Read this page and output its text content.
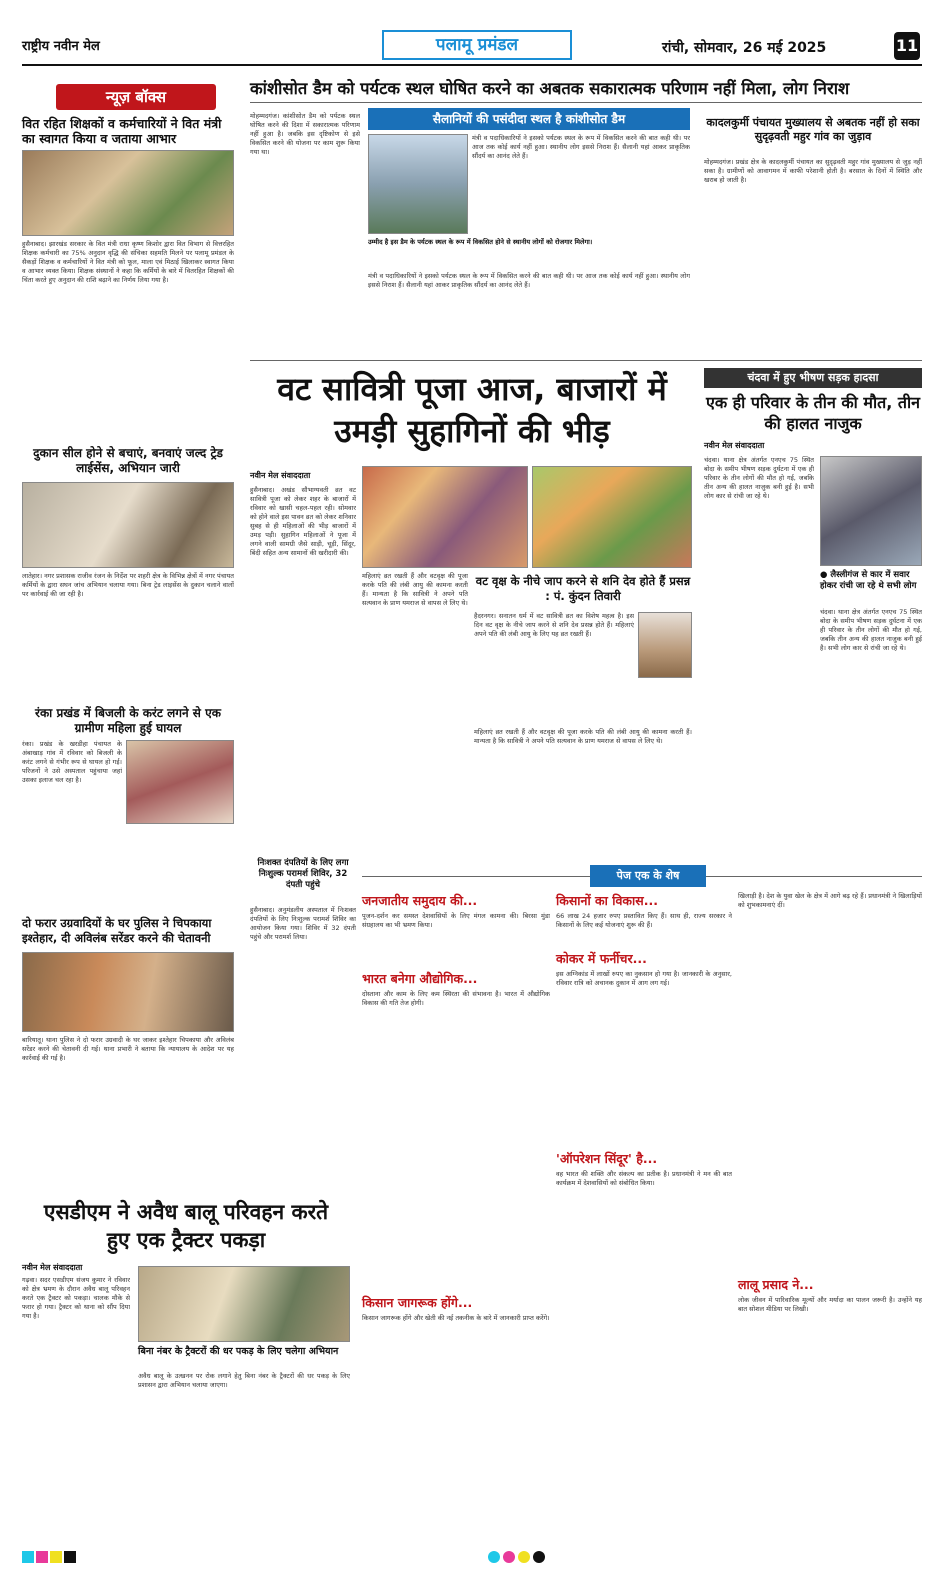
राष्ट्रीय नवीन मेल	पलामू प्रमंडल	रांची, सोमवार, 26 मई 2025	11
न्यूज़ बॉक्स
वित रहित शिक्षकों व कर्मचारियों ने वित मंत्री का स्वागत किया व जताया आभार
हुसैनाबाद। झारखंड सरकार के वित मंत्री राधा कृष्ण किशोर द्वारा वित विभाग से वित्तरहित शिक्षक कर्मचारी का 75% अनुदान वृद्धि की संचिका सहमति मिलने पर पलामू प्रमंडल के सैकड़ों शिक्षक व कर्मचारियों ने वित मंत्री को फूल, माला एवं मिठाई खिलाकर स्वागत किया व आभार व्यक्त किया। शिक्षक संस्थानों ने कहा कि कर्मियों के बारे में वितरहित शिक्षकों की चिंता करते हुए अनुदान की राशि बढ़ाने का निर्णय लिया गया है।
दुकान सील होने से बचाएं, बनवाएं जल्द ट्रेड लाईसेंस, अभियान जारी
लातेहार। नगर प्रशासक राजीव रंजन के निर्देश पर शहरी क्षेत्र के विभिन्न क्षेत्रों में नगर पंचायत कर्मियों के द्वारा सघन जांच अभियान चलाया गया। बिना ट्रेड लाइसेंस के दुकान चलाने वालों पर कार्रवाई की जा रही है।
रंका प्रखंड में बिजली के करंट लगने से एक ग्रामीण महिला हुई घायल
रंका। प्रखंड के खरडीहा पंचायत के अंबाखाड़ गांव में रविवार को बिजली के करंट लगने से गंभीर रूप से घायल हो गई। परिजनों ने उसे अस्पताल पहुंचाया जहां उसका इलाज चल रहा है।
दो फरार उग्रवादियों के घर पुलिस ने चिपकाया इश्तेहार, दी अविलंब सरेंडर करने की चेतावनी
बारियातू। थाना पुलिस ने दो फरार उग्रवादी के घर जाकर इश्तेहार चिपकाया और अविलंब सरेंडर करने की चेतावनी दी गई। थाना प्रभारी ने बताया कि न्यायालय के आदेश पर यह कार्रवाई की गई है।
एसडीएम ने अवैध बालू परिवहन करते हुए एक ट्रैक्टर पकड़ा
नवीन मेल संवाददाता
गढ़वा। सदर एसडीएम संजय कुमार ने रविवार को क्षेत्र भ्रमण के दौरान अवैध बालू परिवहन करते एक ट्रैक्टर को पकड़ा। चालक मौके से फरार हो गया। ट्रैक्टर को थाना को सौंप दिया गया है।
बिना नंबर के ट्रैक्टरों की धर पकड़ के लिए चलेगा अभियान
अवैध बालू के उत्खनन पर रोक लगाने हेतु बिना नंबर के ट्रैक्टरों की धर पकड़ के लिए प्रशासन द्वारा अभियान चलाया जाएगा।
कांशीसोत डैम को पर्यटक स्थल घोषित करने का अबतक सकारात्मक परिणाम नहीं मिला, लोग निराश
मोहम्मदगंज। कांशीसोत डैम को पर्यटक स्थल घोषित करने की दिशा में सकारात्मक परिणाम नहीं हुआ है। जबकि इस दृष्टिकोण से इसे विकसित करने की योजना पर काम शुरू किया गया था।
सैलानियों की पसंदीदा स्थल है कांशीसोत डैम
मंत्री व पदाधिकारियों ने इसको पर्यटक स्थल के रूप में विकसित करने की बात कही थी। पर आज तक कोई कार्य नहीं हुआ। स्थानीय लोग इससे निराश हैं। सैलानी यहां आकर प्राकृतिक सौंदर्य का आनंद लेते हैं।
उम्मीद है इस डैम के पर्यटक स्थल के रूप में विकसित होने से स्थानीय लोगों को रोजगार मिलेगा।
मंत्री व पदाधिकारियों ने इसको पर्यटक स्थल के रूप में विकसित करने की बात कही थी। पर आज तक कोई कार्य नहीं हुआ। स्थानीय लोग इससे निराश हैं। सैलानी यहां आकर प्राकृतिक सौंदर्य का आनंद लेते हैं।
कादलकुर्मी पंचायत मुख्यालय से अबतक नहीं हो सका सुदृढ़वती महुर गांव का जुड़ाव
मोहम्मदगंज। प्रखंड क्षेत्र के कादलकुर्मी पंचायत का सुदृढ़वती महुर गांव मुख्यालय से जुड़ नहीं सका है। ग्रामीणों को आवागमन में काफी परेशानी होती है। बरसात के दिनों में स्थिति और खराब हो जाती है।
वट सावित्री पूजा आज, बाजारों में उमड़ी सुहागिनों की भीड़
नवीन मेल संवाददाता
हुसैनाबाद। अखंड सौभाग्यवती व्रत वट सावित्री पूजा को लेकर शहर के बाजारों में रविवार को खासी चहल-पहल रही। सोमवार को होने वाले इस पावन व्रत को लेकर शनिवार सुबह से ही महिलाओं की भीड़ बाजारों में उमड़ पड़ी। सुहागिन महिलाओं ने पूजा में लगने वाली सामग्री जैसे साड़ी, चूड़ी, सिंदूर, बिंदी सहित अन्य सामानों की खरीदारी की।
महिलाएं व्रत रखती हैं और वटवृक्ष की पूजा करके पति की लंबी आयु की कामना करती हैं। मान्यता है कि सावित्री ने अपने पति सत्यवान के प्राण यमराज से वापस ले लिए थे।
वट वृक्ष के नीचे जाप करने से शनि देव होते हैं प्रसन्न : पं. कुंदन तिवारी
हैदरनगर। सनातन धर्म में वट सावित्री व्रत का विशेष महत्व है। इस दिन वट वृक्ष के नीचे जाप करने से शनि देव प्रसन्न होते हैं। महिलाएं अपने पति की लंबी आयु के लिए यह व्रत रखती हैं।
महिलाएं व्रत रखती हैं और वटवृक्ष की पूजा करके पति की लंबी आयु की कामना करती हैं। मान्यता है कि सावित्री ने अपने पति सत्यवान के प्राण यमराज से वापस ले लिए थे।
निःशक्त दंपतियों के लिए लगा निःशुल्क परामर्श शिविर, 32 दंपती पहुंचे
हुसैनाबाद। अनुमंडलीय अस्पताल में निःशक्त दंपतियों के लिए निःशुल्क परामर्श शिविर का आयोजन किया गया। शिविर में 32 दंपती पहुंचे और परामर्श लिया।
चंदवा में हुए भीषण सड़क हादसा
एक ही परिवार के तीन की मौत, तीन की हालत नाजुक
नवीन मेल संवाददाता
चंदवा। थाना क्षेत्र अंतर्गत एनएच 75 स्थित बोदा के समीप भीषण सड़क दुर्घटना में एक ही परिवार के तीन लोगों की मौत हो गई, जबकि तीन अन्य की हालत नाजुक बनी हुई है। सभी लोग कार से रांची जा रहे थे।
● लैस्लीगंज से कार में सवार होकर रांची जा रहे थे सभी लोग
चंदवा। थाना क्षेत्र अंतर्गत एनएच 75 स्थित बोदा के समीप भीषण सड़क दुर्घटना में एक ही परिवार के तीन लोगों की मौत हो गई, जबकि तीन अन्य की हालत नाजुक बनी हुई है। सभी लोग कार से रांची जा रहे थे।
पेज एक के शेष
जनजातीय समुदाय की...
पूजन-दर्शन कर समस्त देशवासियों के लिए मंगल कामना की। बिरसा मुंडा संग्रहालय का भी भ्रमण किया।
भारत बनेगा औद्योगिक...
दोस्ताना और काम के लिए कम स्थिरता की संभावना है। भारत में औद्योगिक विकास की गति तेज होगी।
किसान जागरूक होंगे...
किसान जागरूक होंगे और खेती की नई तकनीक के बारे में जानकारी प्राप्त करेंगे।
किसानों का विकास...
66 लाख 24 हजार रुपए प्रस्तावित किए हैं। साथ ही, राज्य सरकार ने किसानों के लिए कई योजनाएं शुरू की हैं।
कोकर में फर्नीचर...
इस अग्निकांड में लाखों रुपए का नुकसान हो गया है। जानकारी के अनुसार, रविवार रात्रि को अचानक दुकान में आग लग गई।
'ऑपरेशन सिंदूर' है...
वह भारत की शक्ति और संकल्प का प्रतीक है। प्रधानमंत्री ने मन की बात कार्यक्रम में देशवासियों को संबोधित किया।
खिलाड़ी है। देश के युवा खेल के क्षेत्र में आगे बढ़ रहे हैं। प्रधानमंत्री ने खिलाड़ियों को शुभकामनाएं दीं।
लालू प्रसाद ने...
लोक जीवन में पारिवारिक मूल्यों और मर्यादा का पालन जरूरी है। उन्होंने यह बात सोशल मीडिया पर लिखी।
